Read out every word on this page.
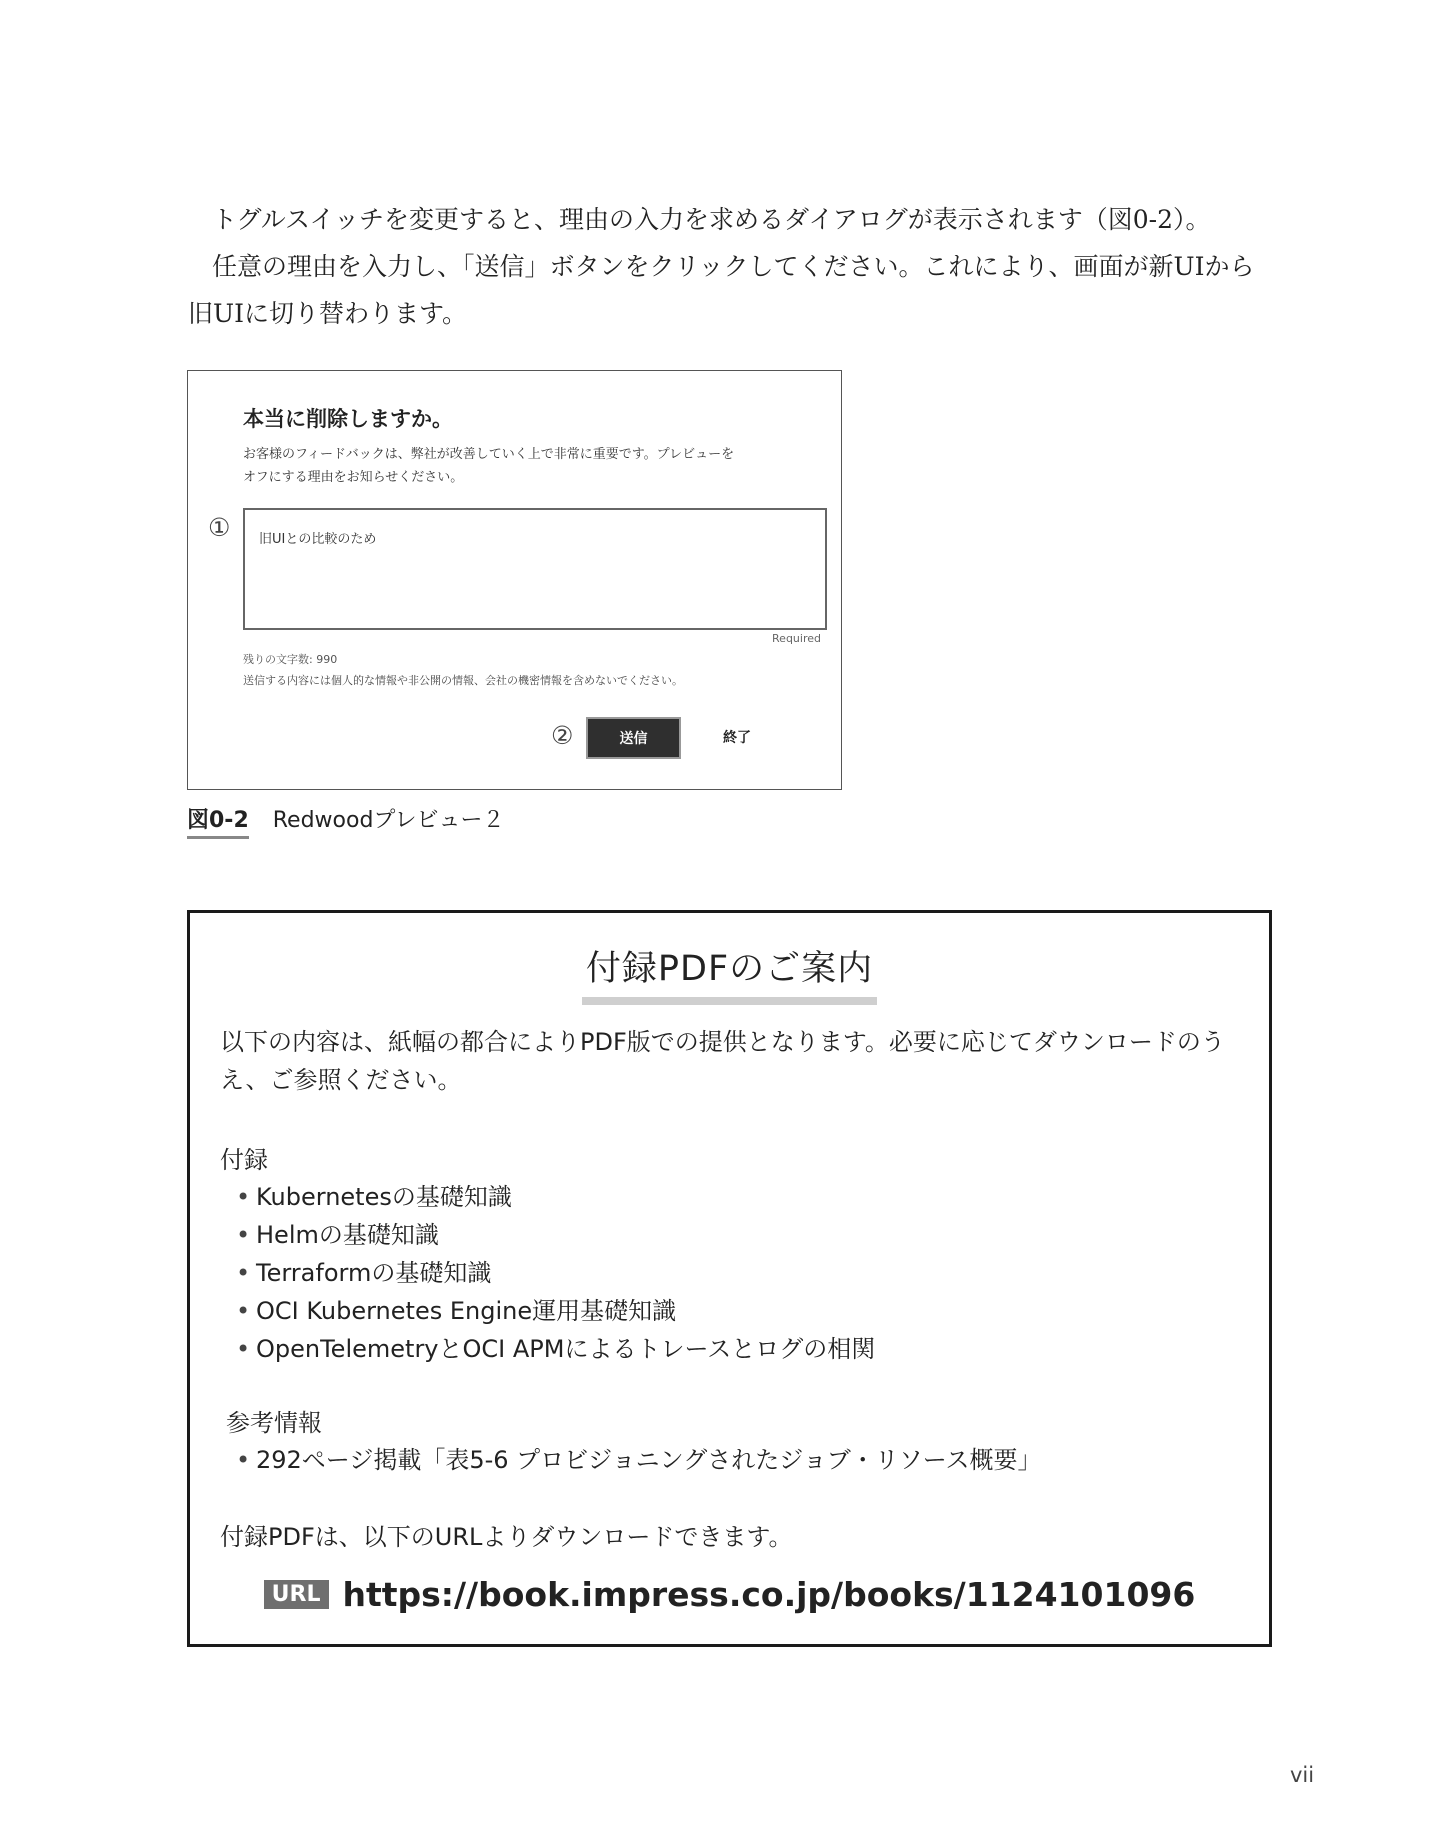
トグルスイッチを変更すると、理由の入力を求めるダイアログが表示されます（図0-2）。

任意の理由を入力し、「送信」ボタンをクリックしてください。これにより、画面が新UIから旧UIに切り替わります。

本当に削除しますか。

お客様のフィードバックは、弊社が改善していく上で非常に重要です。プレビューを
オフにする理由をお知らせください。

①
旧UIとの比較のため
Required
残りの文字数: 990
送信する内容には個人的な情報や非公開の情報、会社の機密情報を含めないでください。
②	送信	終了
図0-2 Redwoodプレビュー２
付録PDFのご案内

以下の内容は、紙幅の都合によりPDF版での提供となります。必要に応じてダウンロードのうえ、ご参照ください。

付録

• Kubernetesの基礎知識
• Helmの基礎知識
• Terraformの基礎知識
• OCI Kubernetes Engine運用基礎知識
• OpenTelemetryとOCI APMによるトレースとログの相関

参考情報

• 292ページ掲載「表5-6 プロビジョニングされたジョブ・リソース概要」

付録PDFは、以下のURLよりダウンロードできます。

URL https://book.impress.co.jp/books/1124101096
vii
